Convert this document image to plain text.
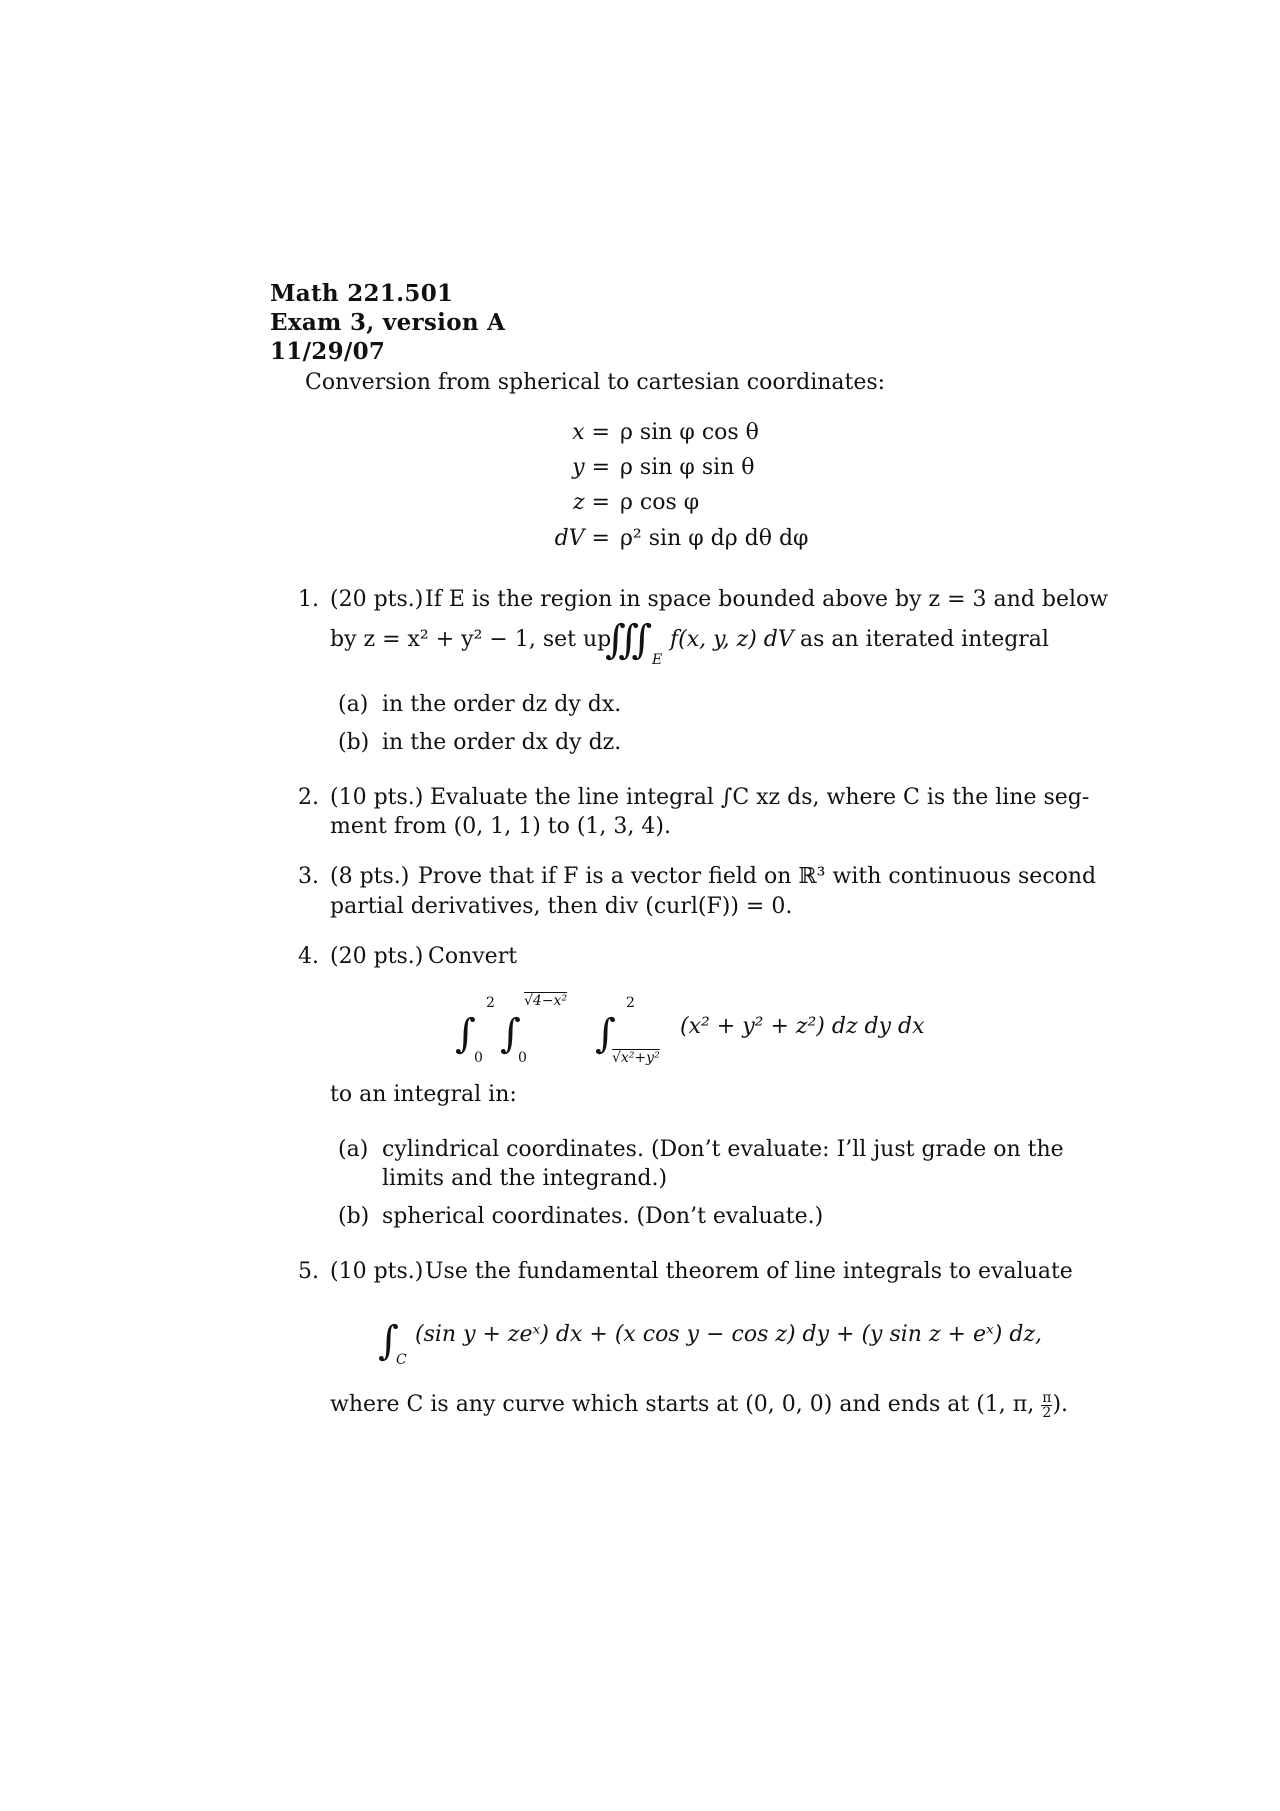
Math 221.501
Exam 3, version A
11/29/07
Conversion from spherical to cartesian coordinates:
x = ρ sin φ cos θ
y = ρ sin φ sin θ
z = ρ cos φ
dV = ρ² sin φ dρ dθ dφ
1. (20 pts.) If E is the region in space bounded above by z = 3 and below
by z = x² + y² − 1, set up
∭ E
f(x, y, z) dV as an iterated integral
(a) in the order dz dy dx.
(b) in the order dx dy dz.
2. (10 pts.) Evaluate the line integral ∫C xz ds, where C is the line seg-
ment from (0, 1, 1) to (1, 3, 4).
3. (8 pts.) Prove that if F is a vector field on ℝ³ with continuous second
partial derivatives, then div (curl(F)) = 0.
4. (20 pts.) Convert
∫
2
0
∫
√4−x²
0
∫
2
√x²+y²
(x² + y² + z²) dz dy dx
to an integral in:
(a) cylindrical coordinates. (Don’t evaluate: I’ll just grade on the
limits and the integrand.)
(b) spherical coordinates. (Don’t evaluate.)
5. (10 pts.) Use the fundamental theorem of line integrals to evaluate
∫
C
(sin y + zeˣ) dx + (x cos y − cos z) dy + (y sin z + eˣ) dz,
where C is any curve which starts at (0, 0, 0) and ends at (1, π, $\frac{\pi}{2}$ ).
